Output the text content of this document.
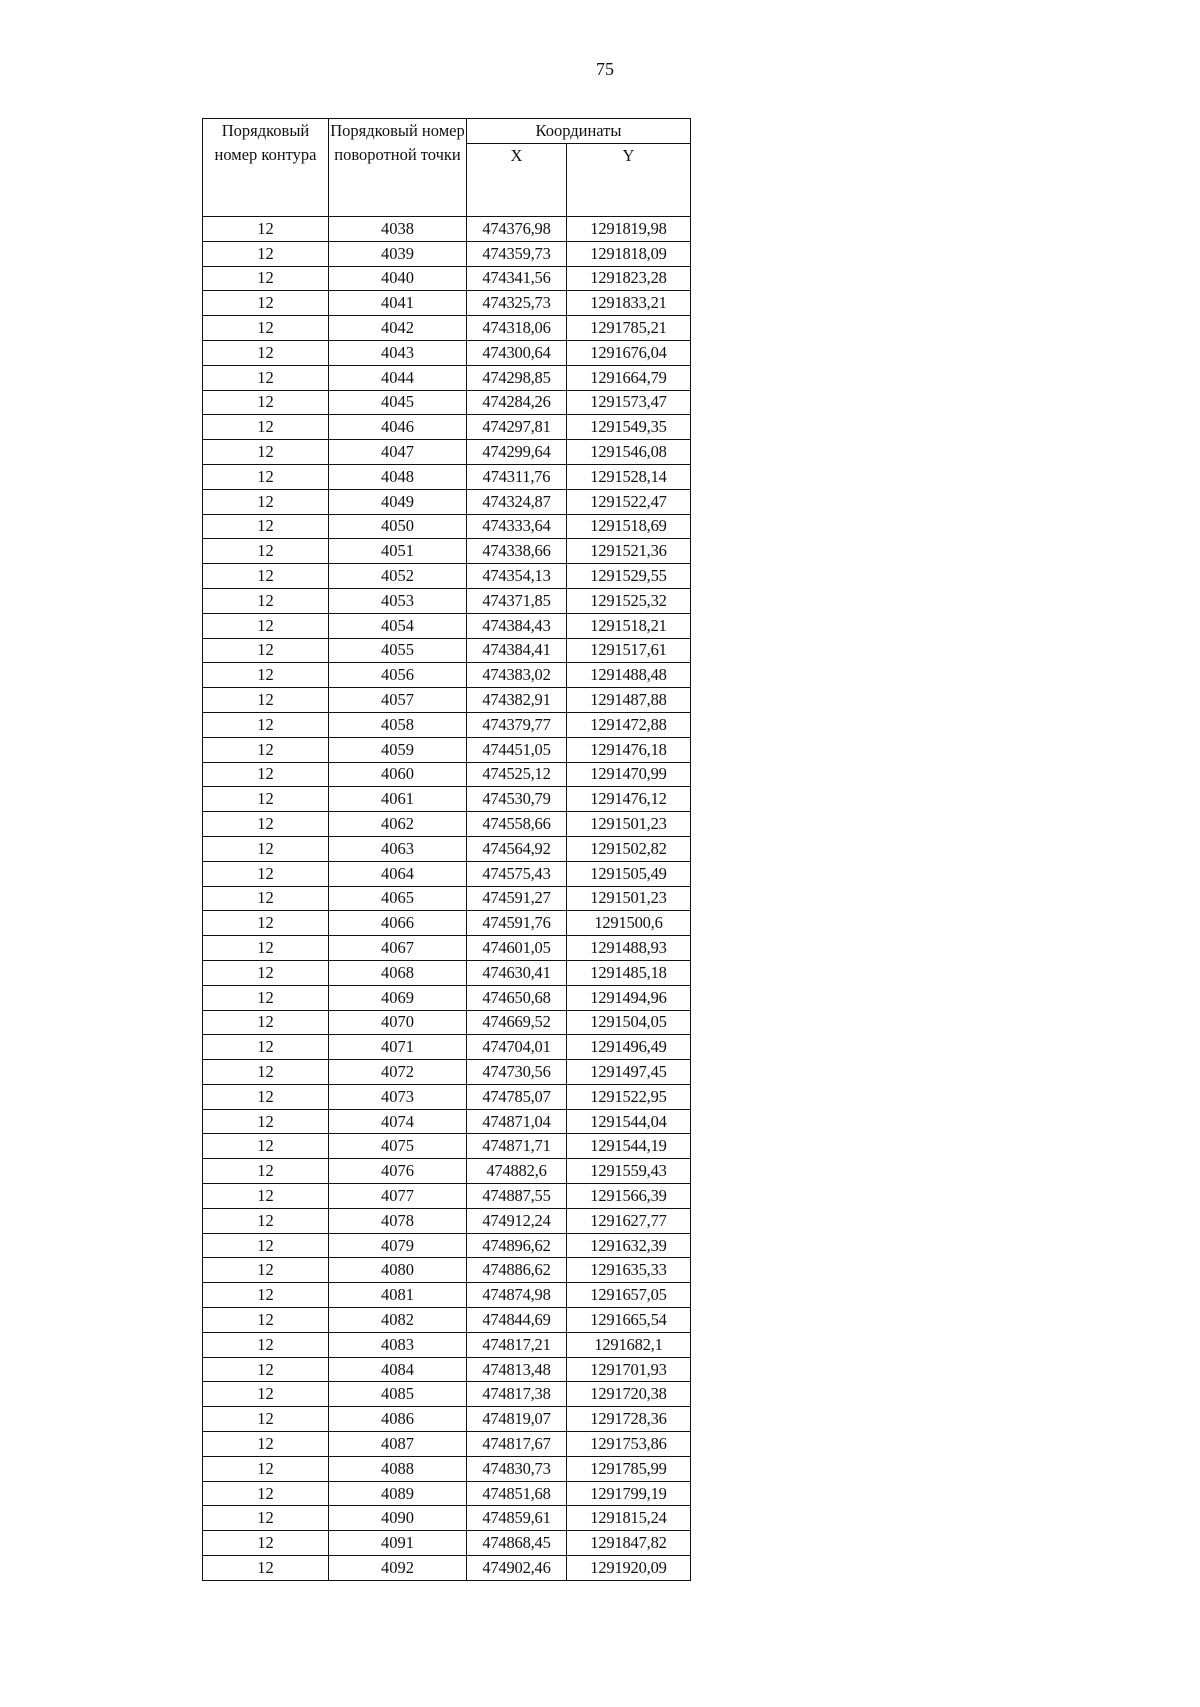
75
Порядковый номер контура	Порядковый номер поворотной точки	Координаты	
		X	Y
12	4038	474376,98	1291819,98
12	4039	474359,73	1291818,09
12	4040	474341,56	1291823,28
12	4041	474325,73	1291833,21
12	4042	474318,06	1291785,21
12	4043	474300,64	1291676,04
12	4044	474298,85	1291664,79
12	4045	474284,26	1291573,47
12	4046	474297,81	1291549,35
12	4047	474299,64	1291546,08
12	4048	474311,76	1291528,14
12	4049	474324,87	1291522,47
12	4050	474333,64	1291518,69
12	4051	474338,66	1291521,36
12	4052	474354,13	1291529,55
12	4053	474371,85	1291525,32
12	4054	474384,43	1291518,21
12	4055	474384,41	1291517,61
12	4056	474383,02	1291488,48
12	4057	474382,91	1291487,88
12	4058	474379,77	1291472,88
12	4059	474451,05	1291476,18
12	4060	474525,12	1291470,99
12	4061	474530,79	1291476,12
12	4062	474558,66	1291501,23
12	4063	474564,92	1291502,82
12	4064	474575,43	1291505,49
12	4065	474591,27	1291501,23
12	4066	474591,76	1291500,6
12	4067	474601,05	1291488,93
12	4068	474630,41	1291485,18
12	4069	474650,68	1291494,96
12	4070	474669,52	1291504,05
12	4071	474704,01	1291496,49
12	4072	474730,56	1291497,45
12	4073	474785,07	1291522,95
12	4074	474871,04	1291544,04
12	4075	474871,71	1291544,19
12	4076	474882,6	1291559,43
12	4077	474887,55	1291566,39
12	4078	474912,24	1291627,77
12	4079	474896,62	1291632,39
12	4080	474886,62	1291635,33
12	4081	474874,98	1291657,05
12	4082	474844,69	1291665,54
12	4083	474817,21	1291682,1
12	4084	474813,48	1291701,93
12	4085	474817,38	1291720,38
12	4086	474819,07	1291728,36
12	4087	474817,67	1291753,86
12	4088	474830,73	1291785,99
12	4089	474851,68	1291799,19
12	4090	474859,61	1291815,24
12	4091	474868,45	1291847,82
12	4092	474902,46	1291920,09
